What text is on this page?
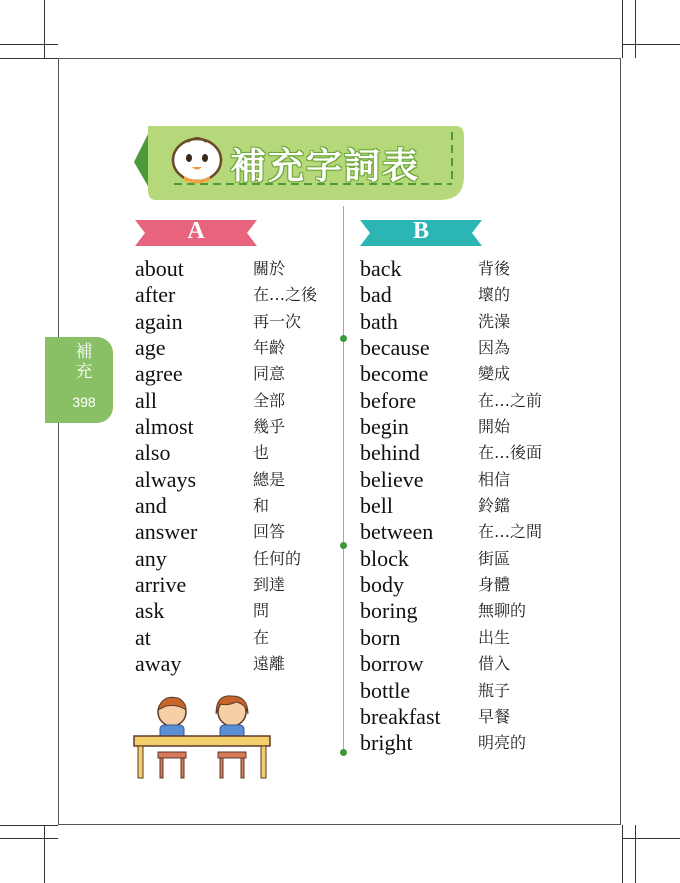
補充字詞表
補充
398
A	B
about	關於
after	在…之後
again	再一次
age	年齡
agree	同意
all	全部
almost	幾乎
also	也
always	總是
and	和
answer	回答
any	任何的
arrive	到達
ask	問
at	在
away	遠離
back	背後
bad	壞的
bath	洗澡
because	因為
become	變成
before	在…之前
begin	開始
behind	在…後面
believe	相信
bell	鈴鐺
between	在…之間
block	街區
body	身體
boring	無聊的
born	出生
borrow	借入
bottle	瓶子
breakfast 早餐
bright	明亮的
